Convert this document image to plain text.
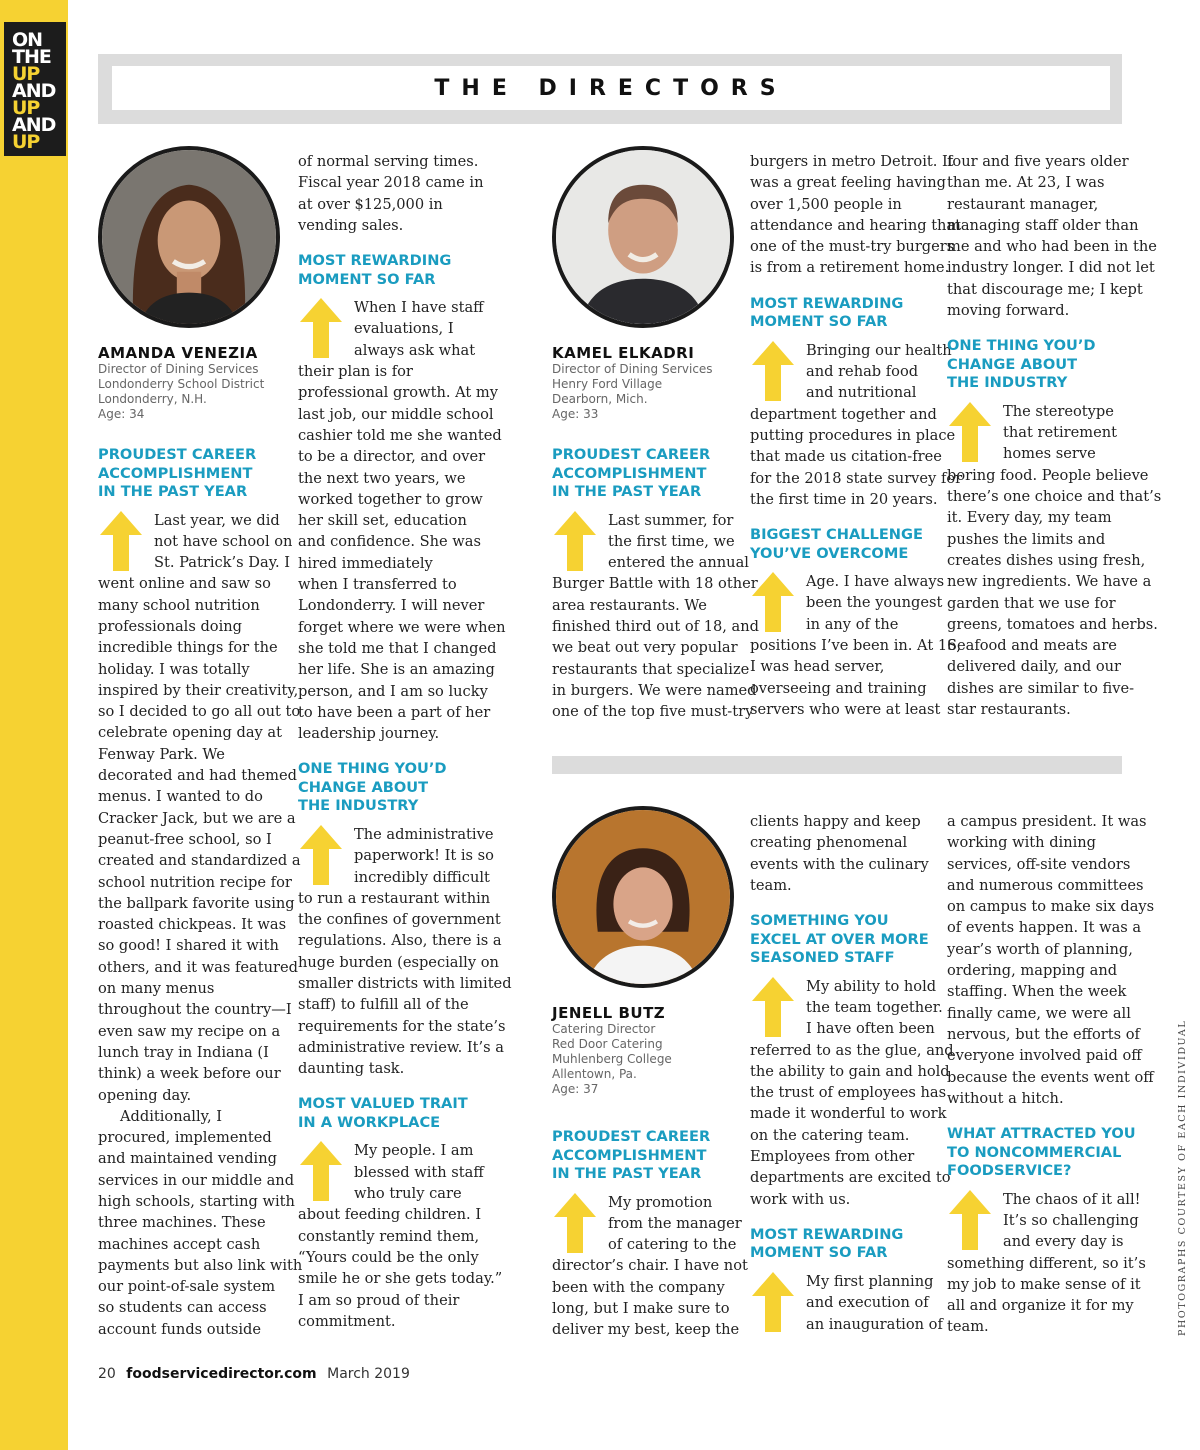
ON
THE
UP
AND
UP
AND
UP
THE DIRECTORS
AMANDA VENEZIA
Director of Dining Services
Londonderry School District
Londonderry, N.H.
Age: 34
KAMEL ELKADRI
Director of Dining Services
Henry Ford Village
Dearborn, Mich.
Age: 33
JENELL BUTZ
Catering Director
Red Door Catering
Muhlenberg College
Allentown, Pa.
Age: 37
PROUDEST CAREER
ACCOMPLISHMENT
IN THE PAST YEAR
Last year, we did
not have school on
St. Patrick’s Day. I
went online and saw so
many school nutrition
professionals doing
incredible things for the
holiday. I was totally
inspired by their creativity,
so I decided to go all out to
celebrate opening day at
Fenway Park. We
decorated and had themed
menus. I wanted to do
Cracker Jack, but we are a
peanut-free school, so I
created and standardized a
school nutrition recipe for
the ballpark favorite using
roasted chickpeas. It was
so good! I shared it with
others, and it was featured
on many menus
throughout the country—I
even saw my recipe on a
lunch tray in Indiana (I
think) a week before our
opening day.
Additionally, I
procured, implemented
and maintained vending
services in our middle and
high schools, starting with
three machines. These
machines accept cash
payments but also link with
our point-of-sale system
so students can access
account funds outside
of normal serving times.
Fiscal year 2018 came in
at over $125,000 in
vending sales.
MOST REWARDING
MOMENT SO FAR
When I have staff
evaluations, I
always ask what
their plan is for
professional growth. At my
last job, our middle school
cashier told me she wanted
to be a director, and over
the next two years, we
worked together to grow
her skill set, education
and confidence. She was
hired immediately
when I transferred to
Londonderry. I will never
forget where we were when
she told me that I changed
her life. She is an amazing
person, and I am so lucky
to have been a part of her
leadership journey.
ONE THING YOU’D
CHANGE ABOUT
THE INDUSTRY
The administrative
paperwork! It is so
incredibly difficult
to run a restaurant within
the confines of government
regulations. Also, there is a
huge burden (especially on
smaller districts with limited
staff) to fulfill all of the
requirements for the state’s
administrative review. It’s a
daunting task.
MOST VALUED TRAIT
IN A WORKPLACE
My people. I am
blessed with staff
who truly care
about feeding children. I
constantly remind them,
“Yours could be the only
smile he or she gets today.”
I am so proud of their
commitment.
PROUDEST CAREER
ACCOMPLISHMENT
IN THE PAST YEAR
Last summer, for
the first time, we
entered the annual
Burger Battle with 18 other
area restaurants. We
finished third out of 18, and
we beat out very popular
restaurants that specialize
in burgers. We were named
one of the top five must-try
burgers in metro Detroit. It
was a great feeling having
over 1,500 people in
attendance and hearing that
one of the must-try burgers
is from a retirement home.
MOST REWARDING
MOMENT SO FAR
Bringing our health
and rehab food
and nutritional
department together and
putting procedures in place
that made us citation-free
for the 2018 state survey for
the first time in 20 years.
BIGGEST CHALLENGE
YOU’VE OVERCOME
Age. I have always
been the youngest
in any of the
positions I’ve been in. At 16,
I was head server,
overseeing and training
servers who were at least
four and five years older
than me. At 23, I was
restaurant manager,
managing staff older than
me and who had been in the
industry longer. I did not let
that discourage me; I kept
moving forward.
ONE THING YOU’D
CHANGE ABOUT
THE INDUSTRY
The stereotype
that retirement
homes serve
boring food. People believe
there’s one choice and that’s
it. Every day, my team
pushes the limits and
creates dishes using fresh,
new ingredients. We have a
garden that we use for
greens, tomatoes and herbs.
Seafood and meats are
delivered daily, and our
dishes are similar to five-
star restaurants.
PROUDEST CAREER
ACCOMPLISHMENT
IN THE PAST YEAR
My promotion
from the manager
of catering to the
director’s chair. I have not
been with the company
long, but I make sure to
deliver my best, keep the
clients happy and keep
creating phenomenal
events with the culinary
team.
SOMETHING YOU
EXCEL AT OVER MORE
SEASONED STAFF
My ability to hold
the team together.
I have often been
referred to as the glue, and
the ability to gain and hold
the trust of employees has
made it wonderful to work
on the catering team.
Employees from other
departments are excited to
work with us.
MOST REWARDING
MOMENT SO FAR
My first planning
and execution of
an inauguration of
a campus president. It was
working with dining
services, off-site vendors
and numerous committees
on campus to make six days
of events happen. It was a
year’s worth of planning,
ordering, mapping and
staffing. When the week
finally came, we were all
nervous, but the efforts of
everyone involved paid off
because the events went off
without a hitch.
WHAT ATTRACTED YOU
TO NONCOMMERCIAL
FOODSERVICE?
The chaos of it all!
It’s so challenging
and every day is
something different, so it’s
my job to make sense of it
all and organize it for my
team.
20 foodservicedirector.com March 2019
PHOTOGRAPHS COURTESY OF EACH INDIVIDUAL
